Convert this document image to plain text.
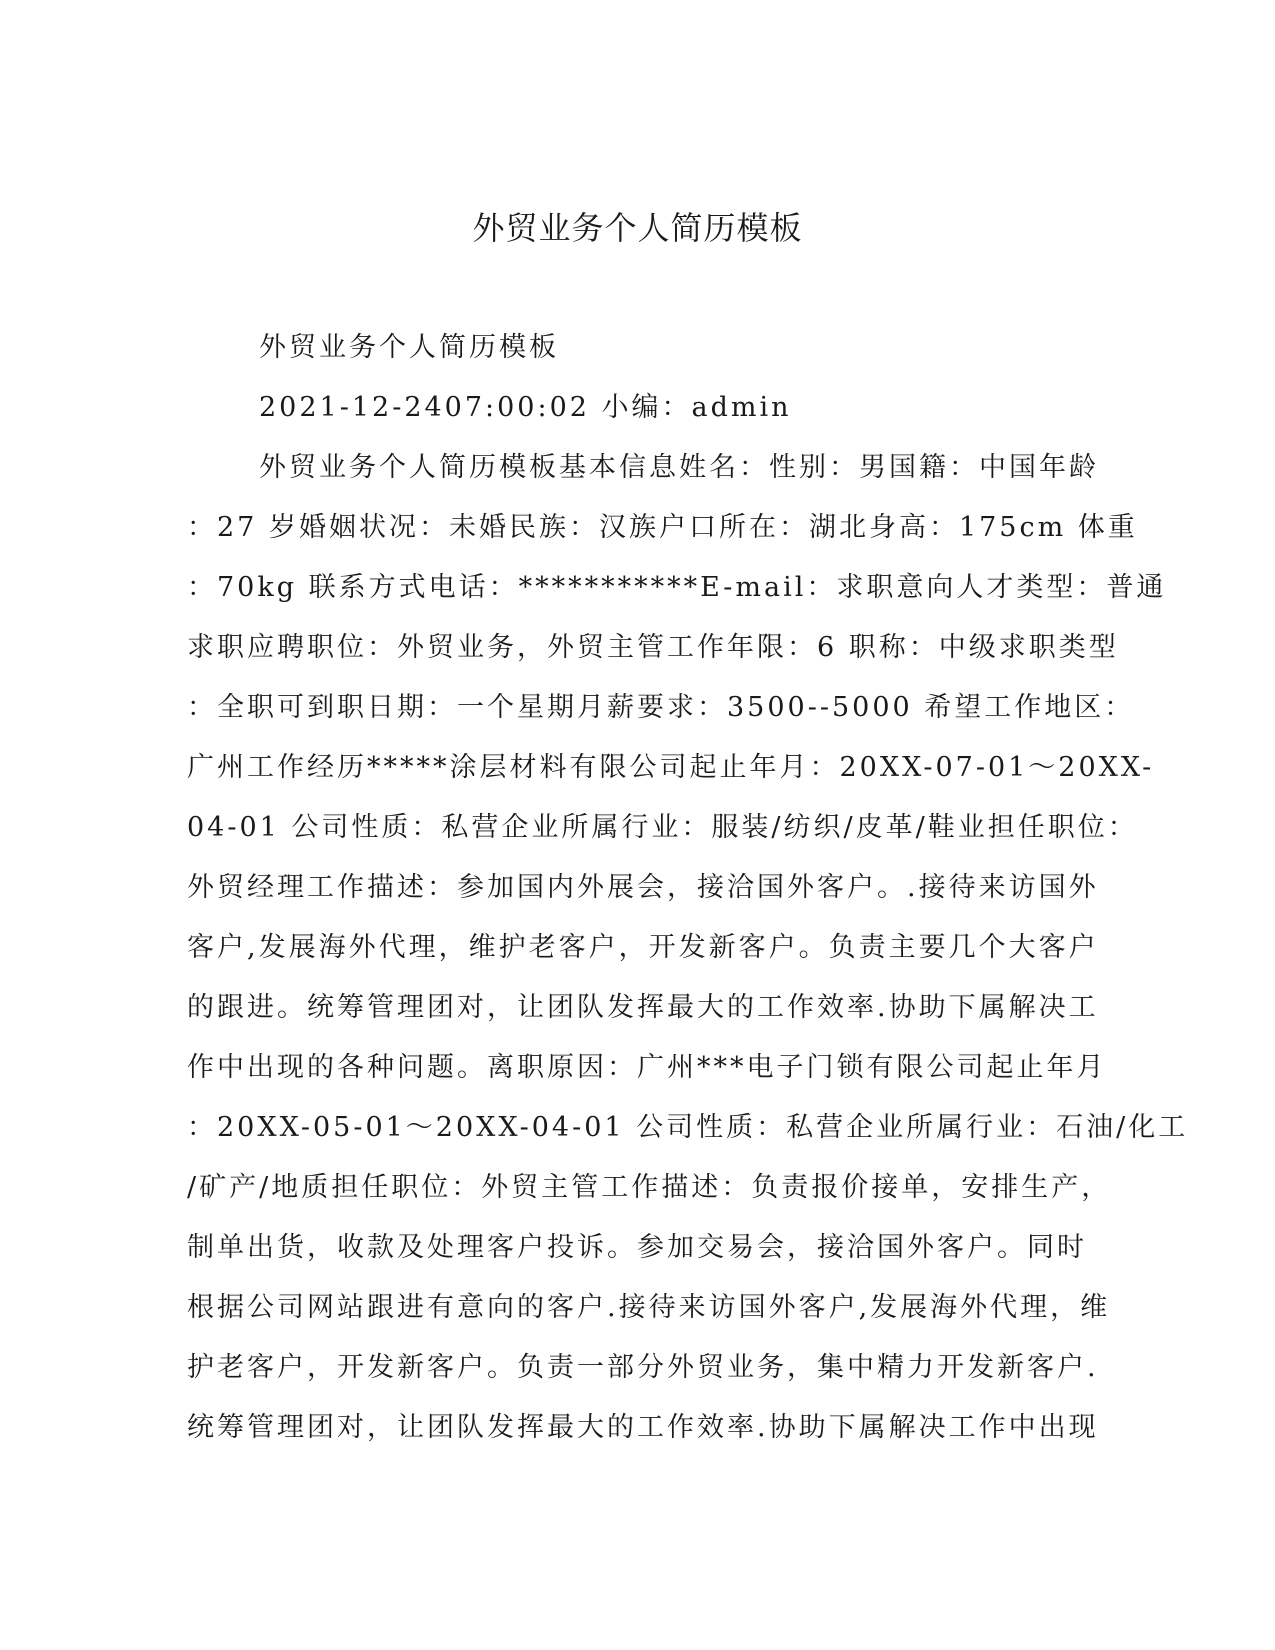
外贸业务个人简历模板
外贸业务个人简历模板
2021-12-2407:00:02 小编：admin
外贸业务个人简历模板基本信息姓名：性别：男国籍：中国年龄
：27 岁婚姻状况：未婚民族：汉族户口所在：湖北身高：175cm 体重
：70kg 联系方式电话：***********E-mail：求职意向人才类型：普通
求职应聘职位：外贸业务，外贸主管工作年限：6 职称：中级求职类型
：全职可到职日期：一个星期月薪要求：3500--5000 希望工作地区：
广州工作经历*****涂层材料有限公司起止年月：20XX-07-01～20XX-
04-01 公司性质：私营企业所属行业：服装/纺织/皮革/鞋业担任职位：
外贸经理工作描述：参加国内外展会，接洽国外客户。.接待来访国外
客户,发展海外代理，维护老客户，开发新客户。负责主要几个大客户
的跟进。统筹管理团对，让团队发挥最大的工作效率.协助下属解决工
作中出现的各种问题。离职原因：广州***电子门锁有限公司起止年月
：20XX-05-01～20XX-04-01 公司性质：私营企业所属行业：石油/化工
/矿产/地质担任职位：外贸主管工作描述：负责报价接单，安排生产，
制单出货，收款及处理客户投诉。参加交易会，接洽国外客户。同时
根据公司网站跟进有意向的客户.接待来访国外客户,发展海外代理，维
护老客户，开发新客户。负责一部分外贸业务，集中精力开发新客户.
统筹管理团对，让团队发挥最大的工作效率.协助下属解决工作中出现
